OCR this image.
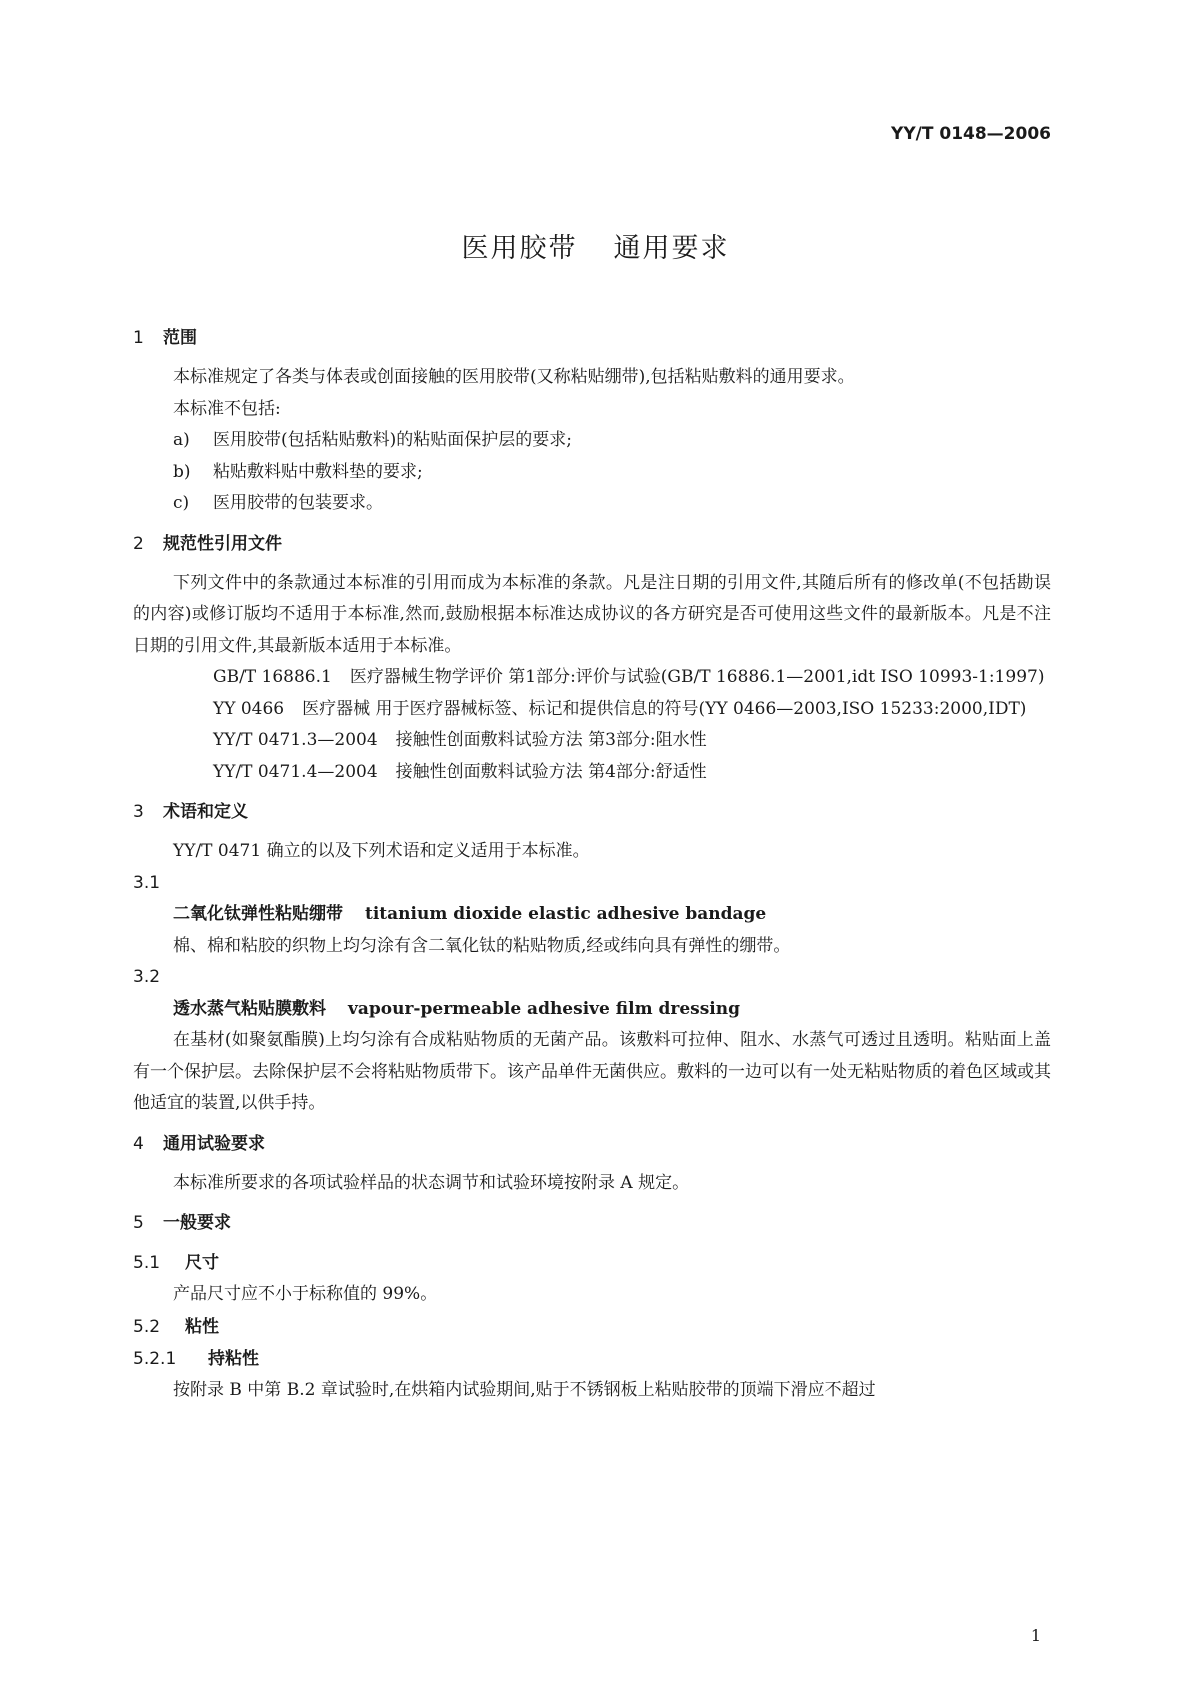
YY/T 0148—2006
医用胶带 通用要求
1 范围

本标准规定了各类与体表或创面接触的医用胶带(又称粘贴绷带),包括粘贴敷料的通用要求。

本标准不包括:

a) 医用胶带(包括粘贴敷料)的粘贴面保护层的要求;

b) 粘贴敷料贴中敷料垫的要求;

c) 医用胶带的包装要求。

2 规范性引用文件

下列文件中的条款通过本标准的引用而成为本标准的条款。凡是注日期的引用文件,其随后所有的修改单(不包括勘误的内容)或修订版均不适用于本标准,然而,鼓励根据本标准达成协议的各方研究是否可使用这些文件的最新版本。凡是不注日期的引用文件,其最新版本适用于本标准。

GB/T 16886.1 医疗器械生物学评价 第1部分:评价与试验(GB/T 16886.1—2001,idt ISO 10993-1:1997)

YY 0466 医疗器械 用于医疗器械标签、标记和提供信息的符号(YY 0466—2003,ISO 15233:2000,IDT)

YY/T 0471.3—2004 接触性创面敷料试验方法 第3部分:阻水性

YY/T 0471.4—2004 接触性创面敷料试验方法 第4部分:舒适性

3 术语和定义

YY/T 0471 确立的以及下列术语和定义适用于本标准。

3.1
二氧化钛弹性粘贴绷带 titanium dioxide elastic adhesive bandage

棉、棉和粘胶的织物上均匀涂有含二氧化钛的粘贴物质,经或纬向具有弹性的绷带。

3.2
透水蒸气粘贴膜敷料 vapour-permeable adhesive film dressing

在基材(如聚氨酯膜)上均匀涂有合成粘贴物质的无菌产品。该敷料可拉伸、阻水、水蒸气可透过且透明。粘贴面上盖有一个保护层。去除保护层不会将粘贴物质带下。该产品单件无菌供应。敷料的一边可以有一处无粘贴物质的着色区域或其他适宜的装置,以供手持。

4 通用试验要求

本标准所要求的各项试验样品的状态调节和试验环境按附录 A 规定。

5 一般要求
5.1 尺寸

产品尺寸应不小于标称值的 99%。

5.2 粘性
5.2.1 持粘性

按附录 B 中第 B.2 章试验时,在烘箱内试验期间,贴于不锈钢板上粘贴胶带的顶端下滑应不超过

1
